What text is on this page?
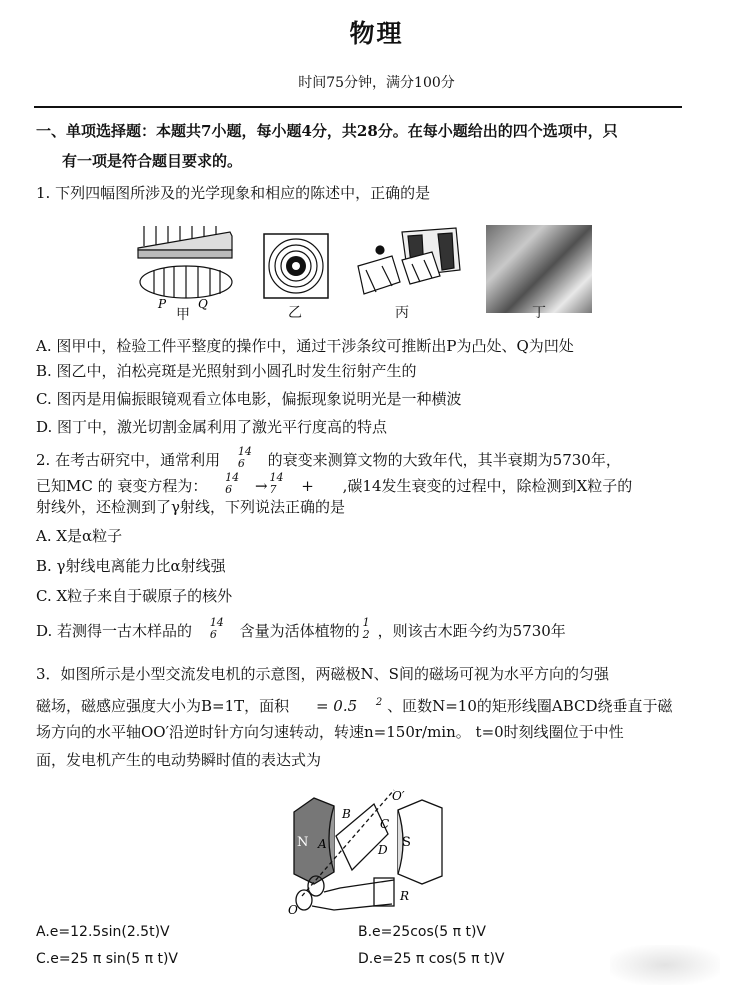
物理
时间75分钟，满分100分
一、单项选择题：本题共7小题，每小题4分，共28分。在每小题给出的四个选项中，只
有一项是符合题目要求的。
1. 下列四幅图所涉及的光学现象和相应的陈述中，正确的是
P	Q
甲	乙	丙	丁
A. 图甲中，检验工件平整度的操作中，通过干涉条纹可推断出P为凸处、Q为凹处
B. 图乙中，泊松亮斑是光照射到小圆孔时发生衍射产生的
C. 图丙是用偏振眼镜观看立体电影，偏振现象说明光是一种横波
D. 图丁中，激光切割金属利用了激光平行度高的特点
2. 在考古研究中，通常利用 14
6 的衰变来测算文物的大致年代，其半衰期为5730年，
已知MC 的 衰变方程为： 14
6 → 14
7 + ,碳14发生衰变的过程中，除检测到X粒子的
射线外，还检测到了γ射线，下列说法正确的是
A. X是α粒子
B. γ射线电离能力比α射线强
C. X粒子来自于碳原子的核外
D. 若测得一古木样品的 14
6 含量为活体植物的 1
2 ，则该古木距今约为5730年
3．如图所示是小型交流发电机的示意图，两磁极N、S间的磁场可视为水平方向的匀强
磁场，磁感应强度大小为B=1T，面积 = 0.5 $^2$ 、匝数N=10的矩形线圈ABCD绕垂直于磁
场方向的水平轴OO′沿逆时针方向匀速转动，转速n=150r/min。 t=0时刻线圈位于中性
面，发电机产生的电动势瞬时值的表达式为
N	S
A
B
C
D
R
O
O′
A.e=12.5sin(2.5t)V	B.e=25cos(5 π t)V
C.e=25 π sin(5 π t)V	D.e=25 π cos(5 π t)V
